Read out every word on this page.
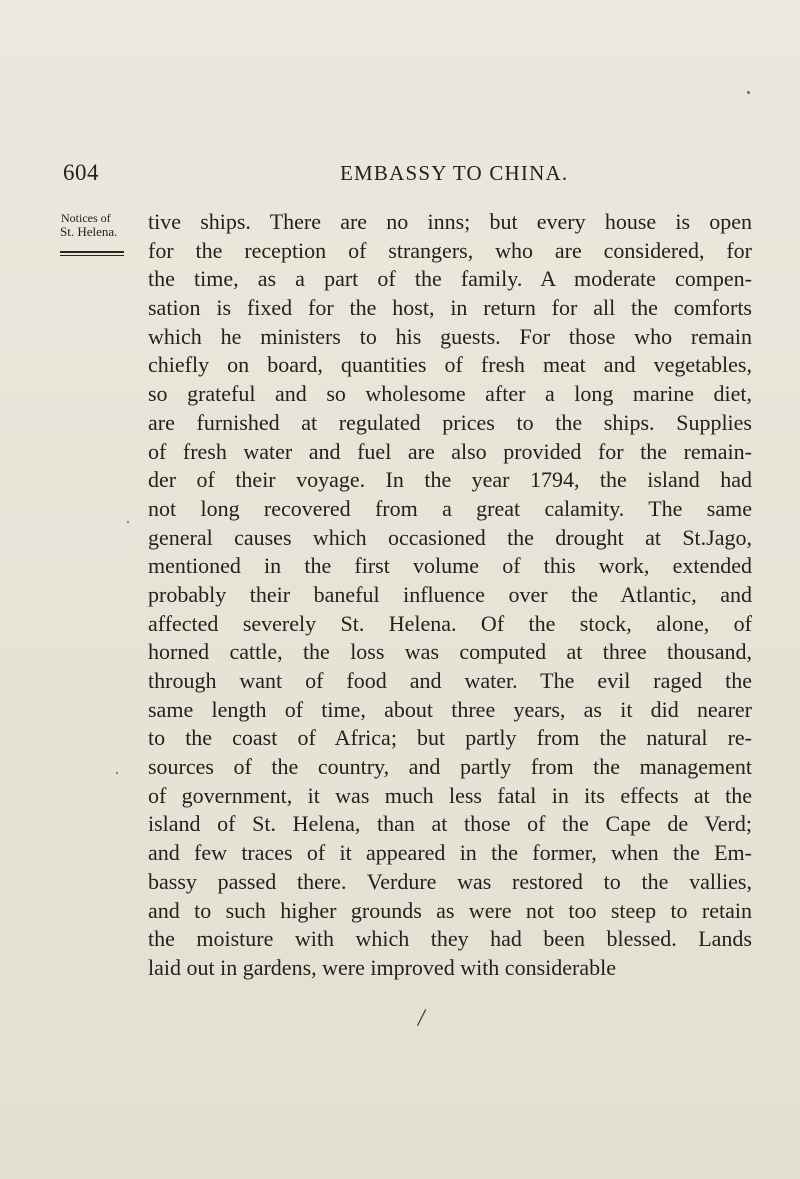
604	EMBASSY TO CHINA.
Notices of
St. Helena. tive ships. There are no inns; but every house is open
for the reception of strangers, who are considered, for
the time, as a part of the family. A moderate compen-
sation is fixed for the host, in return for all the comforts
which he ministers to his guests. For those who remain
chiefly on board, quantities of fresh meat and vegetables,
so grateful and so wholesome after a long marine diet,
are furnished at regulated prices to the ships. Supplies
of fresh water and fuel are also provided for the remain-
der of their voyage. In the year 1794, the island had
not long recovered from a great calamity. The same
general causes which occasioned the drought at St.Jago,
mentioned in the first volume of this work, extended
probably their baneful influence over the Atlantic, and
affected severely St. Helena. Of the stock, alone, of
horned cattle, the loss was computed at three thousand,
through want of food and water. The evil raged the
same length of time, about three years, as it did nearer
to the coast of Africa; but partly from the natural re-
sources of the country, and partly from the management
of government, it was much less fatal in its effects at the
island of St. Helena, than at those of the Cape de Verd;
and few traces of it appeared in the former, when the Em-
bassy passed there. Verdure was restored to the vallies,
and to such higher grounds as were not too steep to retain
the moisture with which they had been blessed. Lands
laid out in gardens, were improved with considerable
/
